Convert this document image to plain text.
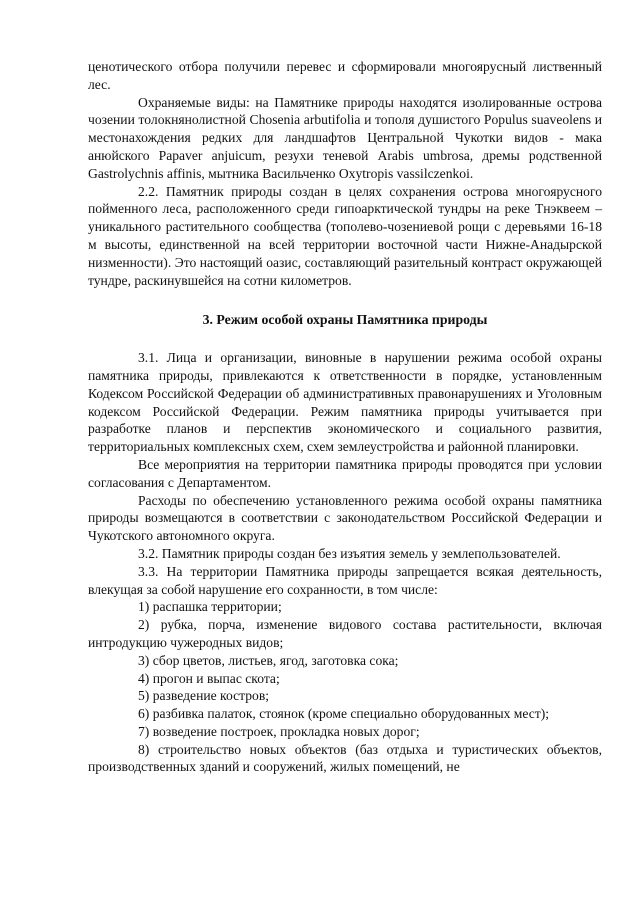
ценотического отбора получили перевес и сформировали многоярусный лиственный лес.

Охраняемые виды: на Памятнике природы находятся изолированные острова чозении толокнянолистной Chosenia arbutifolia и тополя душистого Populus suaveolens и местонахождения редких для ландшафтов Центральной Чукотки видов - мака анюйского Papaver anjuicum, резухи теневой Arabis umbrosa, дремы родственной Gastrolychnis affinis, мытника Васильченко Oxytropis vassilczenkoi.

2.2. Памятник природы создан в целях сохранения острова многоярусного пойменного леса, расположенного среди гипоарктической тундры на реке Тнэквеем – уникального растительного сообщества (тополево-чозениевой рощи с деревьями 16-18 м высоты, единственной на всей территории восточной части Нижне-Анадырской низменности). Это настоящий оазис, составляющий разительный контраст окружающей тундре, раскинувшейся на сотни километров.

3. Режим особой охраны Памятника природы

3.1. Лица и организации, виновные в нарушении режима особой охраны памятника природы, привлекаются к ответственности в порядке, установленным Кодексом Российской Федерации об административных правонарушениях и Уголовным кодексом Российской Федерации. Режим памятника природы учитывается при разработке планов и перспектив экономического и социального развития, территориальных комплексных схем, схем землеустройства и районной планировки.

Все мероприятия на территории памятника природы проводятся при условии согласования с Департаментом.

Расходы по обеспечению установленного режима особой охраны памятника природы возмещаются в соответствии с законодательством Российской Федерации и Чукотского автономного округа.

3.2. Памятник природы создан без изъятия земель у землепользователей.

3.3. На территории Памятника природы запрещается всякая деятельность, влекущая за собой нарушение его сохранности, в том числе:

1) распашка территории;

2) рубка, порча, изменение видового состава растительности, включая интродукцию чужеродных видов;

3) сбор цветов, листьев, ягод, заготовка сока;

4) прогон и выпас скота;

5) разведение костров;

6) разбивка палаток, стоянок (кроме специально оборудованных мест);

7) возведение построек, прокладка новых дорог;

8) строительство новых объектов (баз отдыха и туристических объектов, производственных зданий и сооружений, жилых помещений, не
